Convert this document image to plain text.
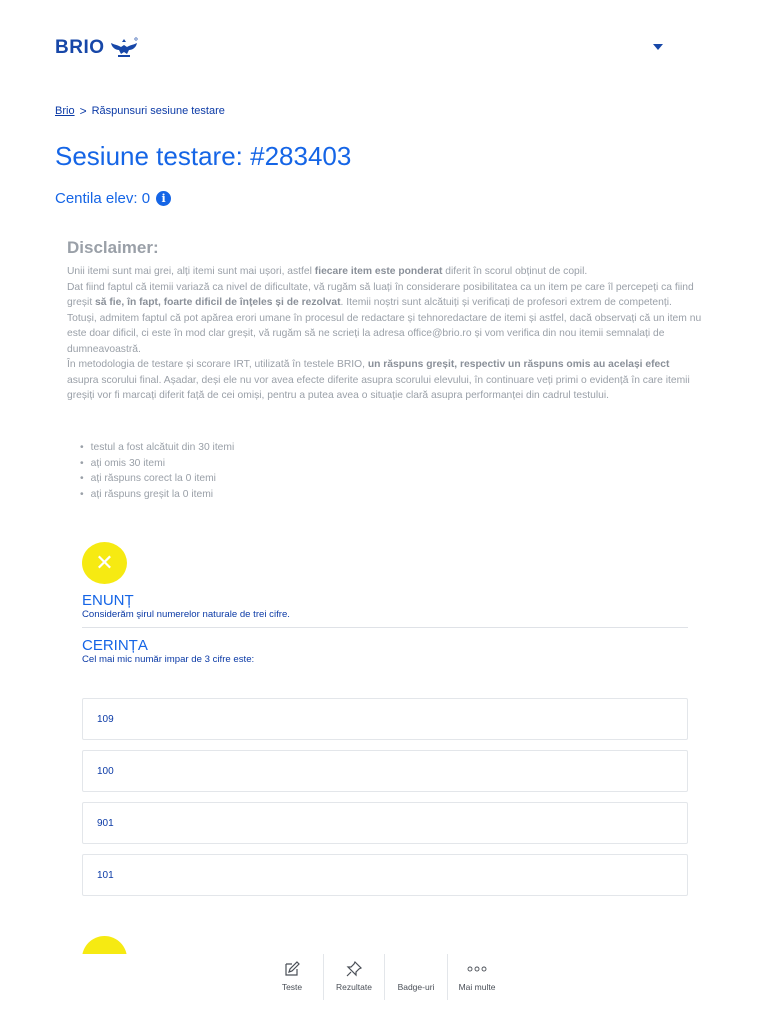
BRIO
Brio > Răspunsuri sesiune testare
Sesiune testare: #283403
Centila elev: 0	i
Disclaimer:

Unii itemi sunt mai grei, alți itemi sunt mai ușori, astfel fiecare item este ponderat diferit în scorul obținut de copil.
Dat fiind faptul că itemii variază ca nivel de dificultate, vă rugăm să luați în considerare posibilitatea ca un item pe care îl percepeți ca fiind greșit să fie, în fapt, foarte dificil de înțeles și de rezolvat. Itemii noștri sunt alcătuiți și verificați de profesori extrem de competenți. Totuși, admitem faptul că pot apărea erori umane în procesul de redactare și tehnoredactare de itemi și astfel, dacă observați că un item nu este doar dificil, ci este în mod clar greșit, vă rugăm să ne scrieți la adresa office@brio.ro și vom verifica din nou itemii semnalați de dumneavoastră.
În metodologia de testare și scorare IRT, utilizată în testele BRIO, un răspuns greșit, respectiv un răspuns omis au același efect asupra scorului final. Așadar, deși ele nu vor avea efecte diferite asupra scorului elevului, în continuare veți primi o evidență în care itemii greșiți vor fi marcați diferit față de cei omiși, pentru a putea avea o situație clară asupra performanței din cadrul testului.

• testul a fost alcătuit din 30 itemi
• ați omis 30 itemi
• ați răspuns corect la 0 itemi
• ați răspuns greșit la 0 itemi
✕
ENUNȚ
Considerăm şirul numerelor naturale de trei cifre.
CERINȚA
Cel mai mic număr impar de 3 cifre este:
109
100
901
101
Teste	Rezultate	Badge-uri	Mai multe
